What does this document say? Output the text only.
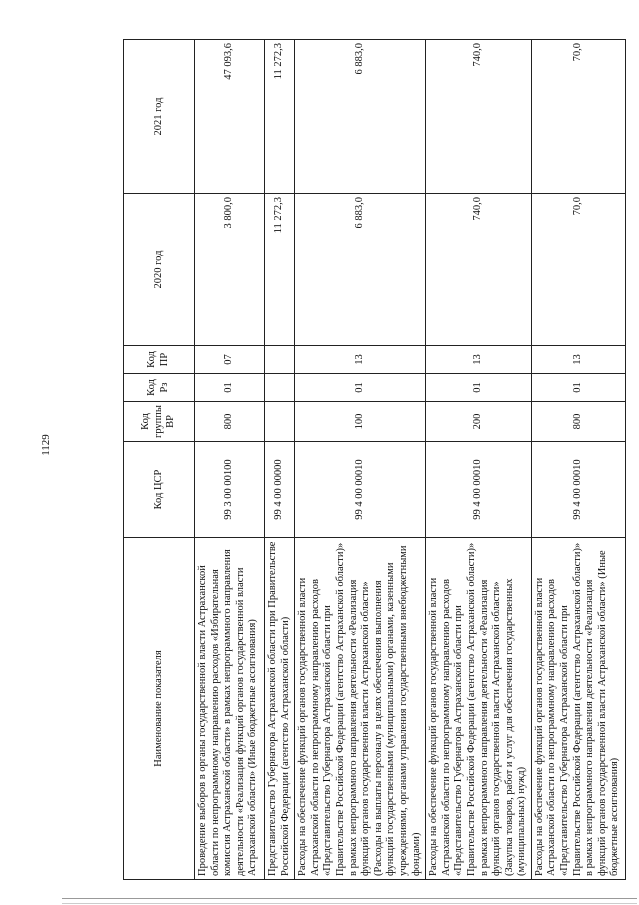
1129
Наименование показателя	Код ЦСР	Код группы ВР	Код Рз	Код ПР	2020 год	2021 год
Проведение выборов в органы государственной власти Астраханской области по непрограммному направлению расходов «Избирательная комиссия Астраханской области» в рамках непрограммного направления деятельности «Реализация функций органов государственной власти Астраханской области» (Иные бюджетные ассигнования)	99 3 00 00100	800	01	07	3 800,0	47 093,6
Представительство Губернатора Астраханской области при Правительстве Российской Федерации (агентство Астраханской области)	99 4 00 00000				11 272,3	11 272,3
Расходы на обеспечение функций органов государственной власти Астраханской области по непрограммному направлению расходов «Представительство Губернатора Астраханской области при Правительстве Российской Федерации (агентство Астраханской области)» в рамках непрограммного направления деятельности «Реализация функций органов государственной власти Астраханской области» (Расходы на выплаты персоналу в целях обеспечения выполнения функций государственными (муниципальными) органами, казенными учреждениями, органами управления государственными внебюджетными фондами)	99 4 00 00010	100	01	13	6 883,0	6 883,0
Расходы на обеспечение функций органов государственной власти Астраханской области по непрограммному направлению расходов «Представительство Губернатора Астраханской области при Правительстве Российской Федерации (агентство Астраханской области)» в рамках непрограммного направления деятельности «Реализация функций органов государственной власти Астраханской области» (Закупка товаров, работ и услуг для обеспечения государственных (муниципальных) нужд)	99 4 00 00010	200	01	13	740,0	740,0
Расходы на обеспечение функций органов государственной власти Астраханской области по непрограммному направлению расходов «Представительство Губернатора Астраханской области при Правительстве Российской Федерации (агентство Астраханской области)» в рамках непрограммного направления деятельности «Реализация функций органов государственной власти Астраханской области» (Иные бюджетные ассигнования)	99 4 00 00010	800	01	13	70,0	70,0
